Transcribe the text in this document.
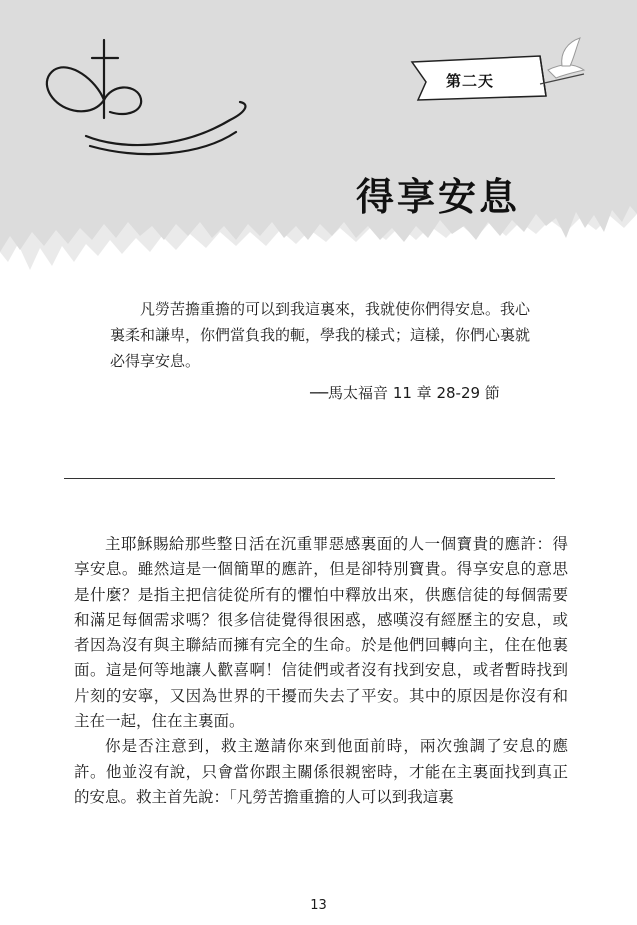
第二天
得享安息

凡勞苦擔重擔的可以到我這裏來，我就使你們得安息。我心裏柔和謙卑，你們當負我的軛，學我的樣式；這樣，你們心裏就必得享安息。

──馬太福音 11 章 28-29 節

主耶穌賜給那些整日活在沉重罪惡感裏面的人一個寶貴的應許：得享安息。雖然這是一個簡單的應許，但是卻特別寶貴。得享安息的意思是什麼？是指主把信徒從所有的懼怕中釋放出來，供應信徒的每個需要和滿足每個需求嗎？很多信徒覺得很困惑，感嘆沒有經歷主的安息，或者因為沒有與主聯結而擁有完全的生命。於是他們回轉向主，住在他裏面。這是何等地讓人歡喜啊！信徒們或者沒有找到安息，或者暫時找到片刻的安寧，又因為世界的干擾而失去了平安。其中的原因是你沒有和主在一起，住在主裏面。

你是否注意到，救主邀請你來到他面前時，兩次強調了安息的應許。他並沒有說，只會當你跟主關係很親密時，才能在主裏面找到真正的安息。救主首先說：「凡勞苦擔重擔的人可以到我這裏

13
